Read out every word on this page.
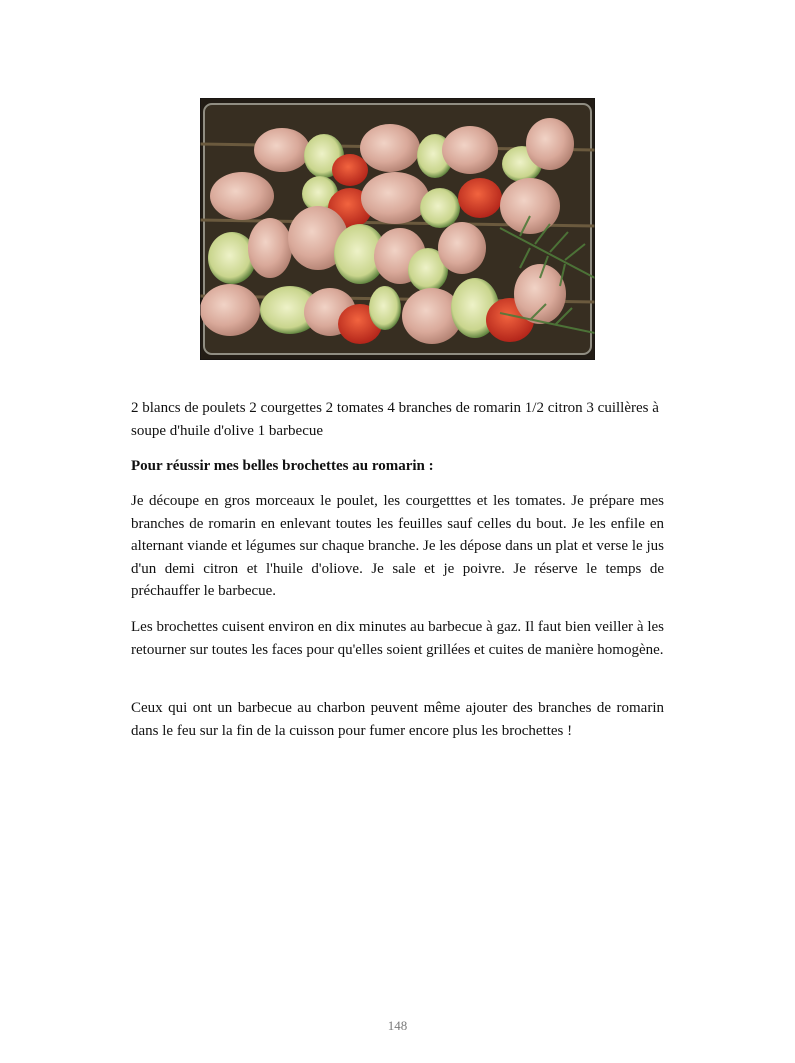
2 blancs de poulets 2 courgettes 2 tomates 4 branches de romarin 1/2 citron 3 cuillères à soupe d'huile d'olive 1 barbecue

Pour réussir mes belles brochettes au romarin :

Je découpe en gros morceaux le poulet, les courgetttes et les tomates. Je prépare mes branches de romarin en enlevant toutes les feuilles sauf celles du bout. Je les enfile en alternant viande et légumes sur chaque branche. Je les dépose dans un plat et verse le jus d'un demi citron et l'huile d'oliove. Je sale et je poivre. Je réserve le temps de préchauffer le barbecue.

Les brochettes cuisent environ en dix minutes au barbecue à gaz. Il faut bien veiller à les retourner sur toutes les faces pour qu'elles soient grillées et cuites de manière homogène.

Ceux qui ont un barbecue au charbon peuvent même ajouter des branches de romarin dans le feu sur la fin de la cuisson pour fumer encore plus les brochettes !

148
